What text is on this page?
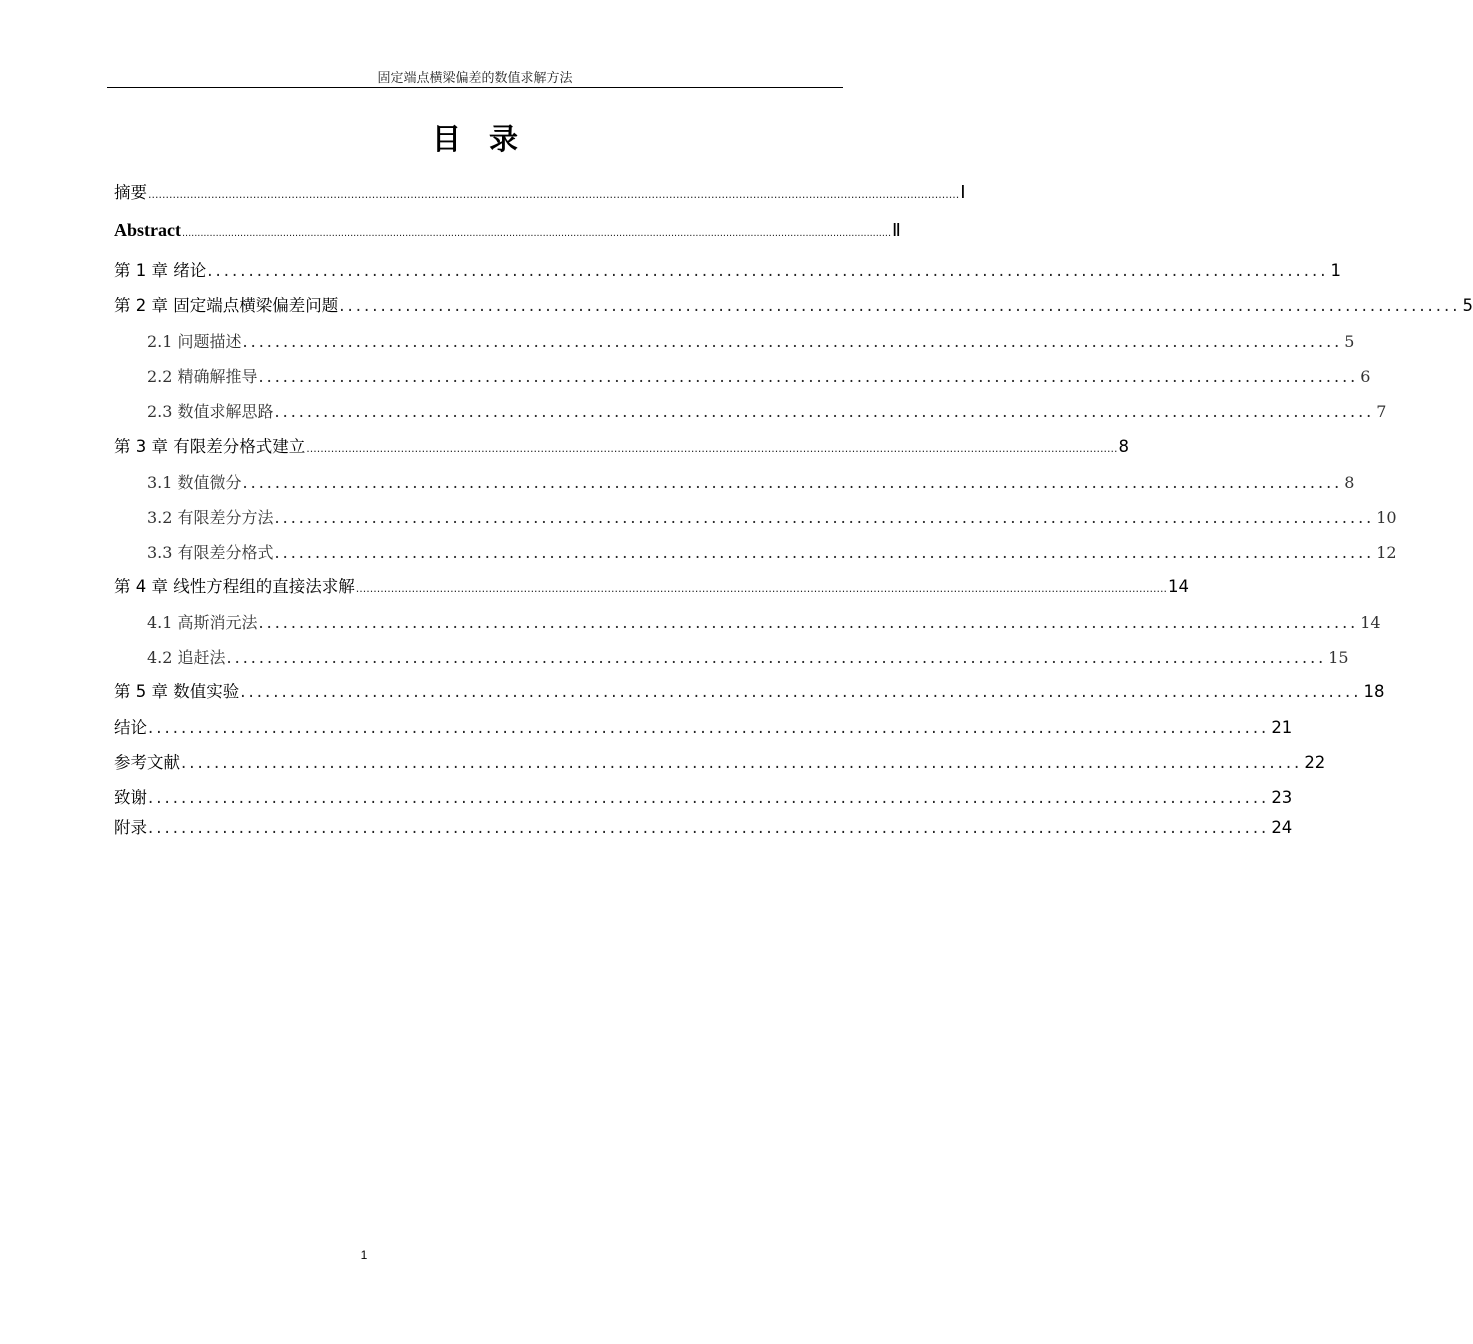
固定端点横梁偏差的数值求解方法
目录
摘要 ........................................................................................................................................................................................................................................ Ⅰ
Abstract ........................................................................................................................................................................................................................................ Ⅱ
第 1 章 绪论 ........................................................................................................................................ 1
第 2 章 固定端点横梁偏差问题 ........................................................................................................................................ 5
2.1 问题描述 ........................................................................................................................................ 5
2.2 精确解推导 ........................................................................................................................................ 6
2.3 数值求解思路 ........................................................................................................................................ 7
第 3 章 有限差分格式建立 ........................................................................................................................................................................................................................................ 8
3.1 数值微分 ........................................................................................................................................ 8
3.2 有限差分方法 ........................................................................................................................................ 10
3.3 有限差分格式 ........................................................................................................................................ 12
第 4 章 线性方程组的直接法求解 ........................................................................................................................................................................................................................................ 14
4.1 高斯消元法 ........................................................................................................................................ 14
4.2 追赶法 ........................................................................................................................................ 15
第 5 章 数值实验 ........................................................................................................................................ 18
结论 ........................................................................................................................................ 21
参考文献 ........................................................................................................................................ 22
致谢 ........................................................................................................................................ 23
附录 ........................................................................................................................................ 24
1
